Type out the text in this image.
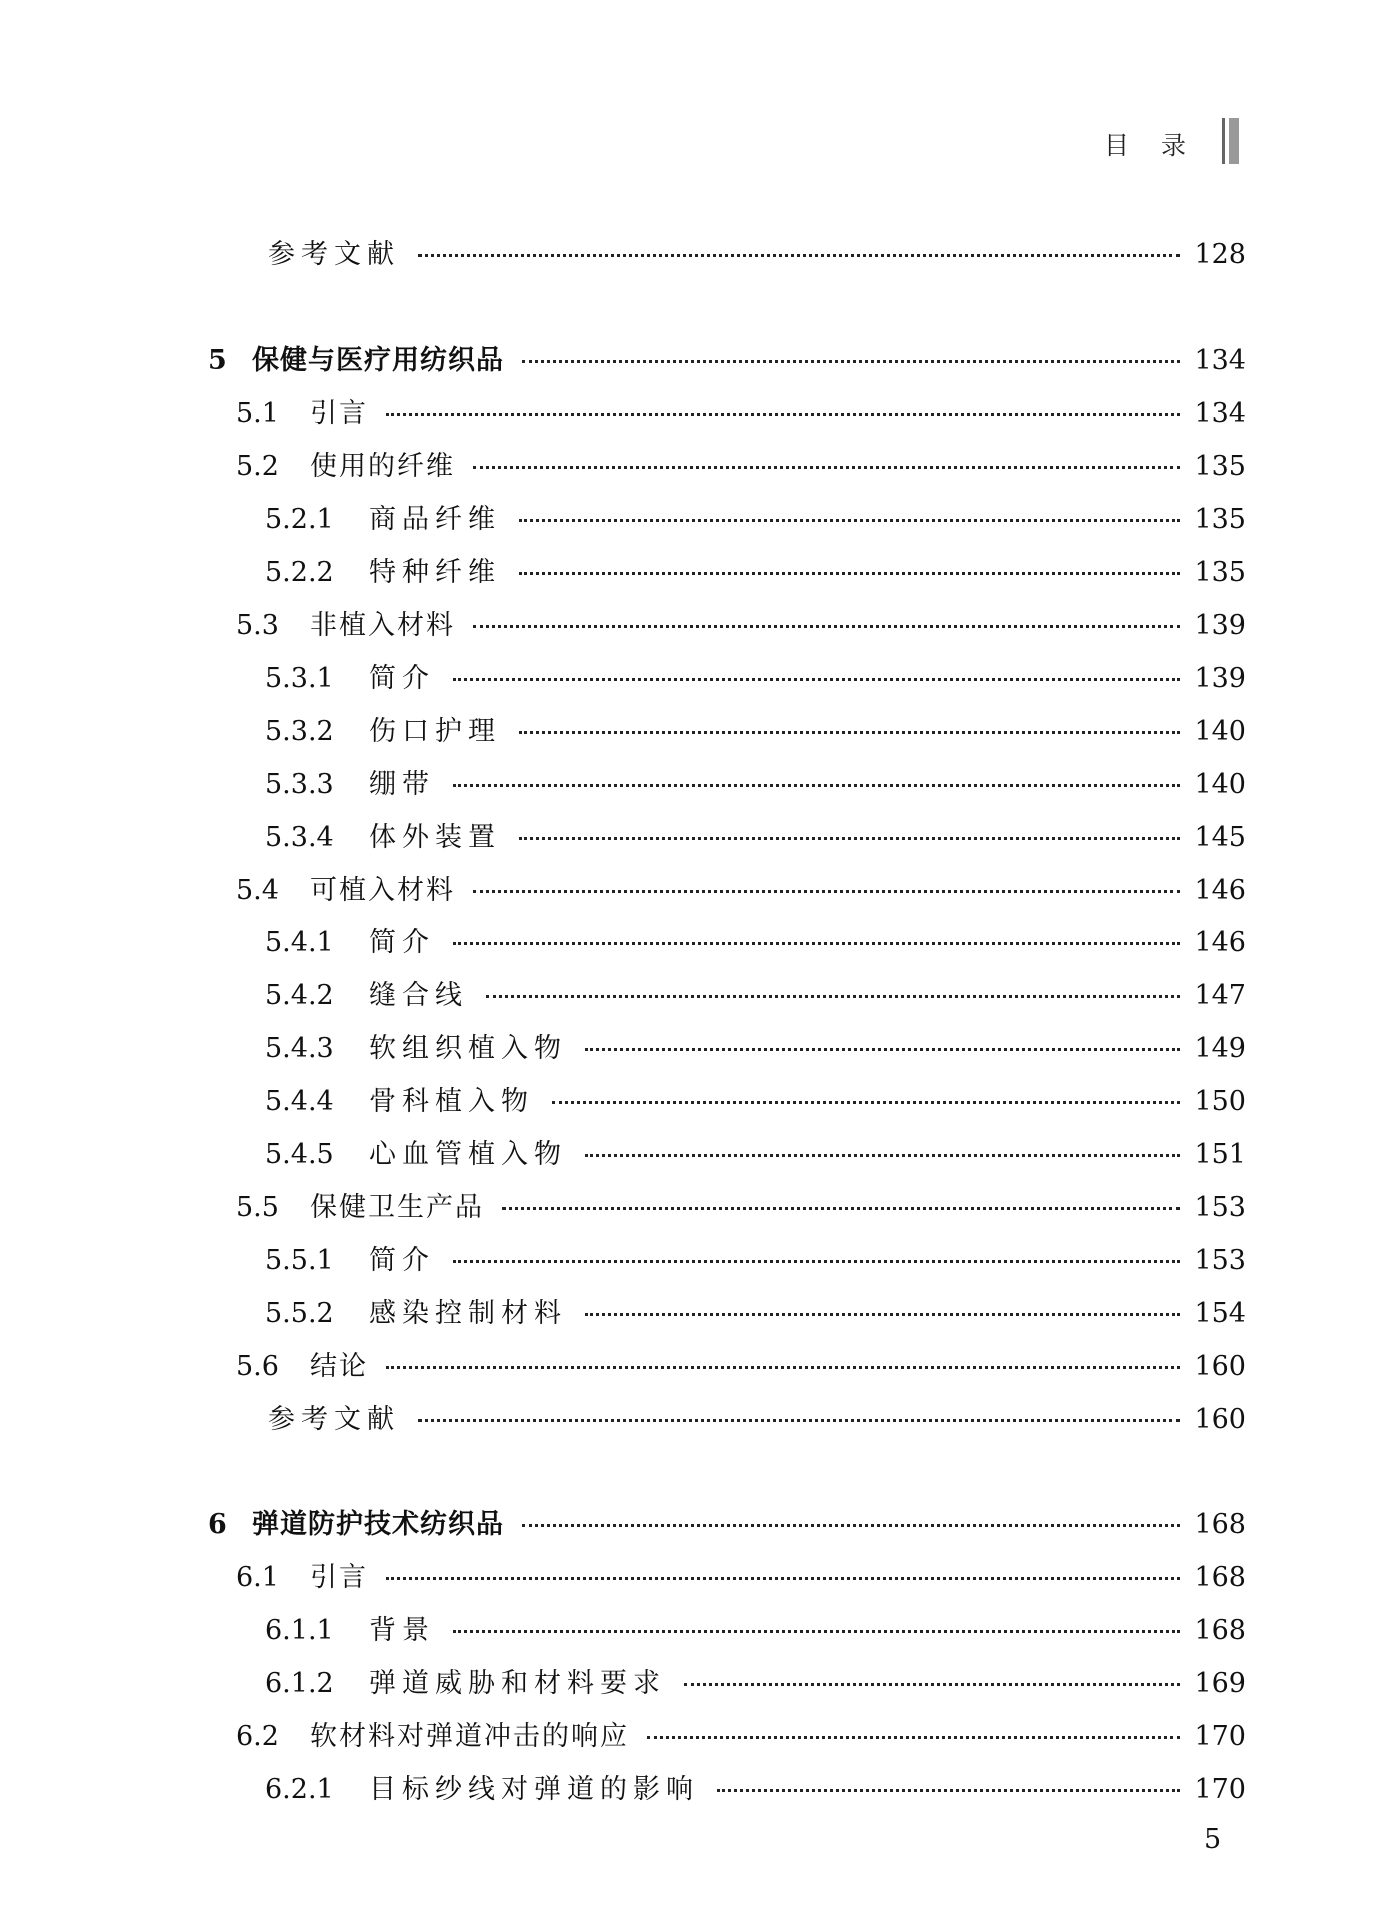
目 录
参考文献	128
5 保健与医疗用纺织品	134
5.1	引言	134
5.2	使用的纤维	135
5.2.1	商品纤维	135
5.2.2	特种纤维	135
5.3	非植入材料	139
5.3.1	简介	139
5.3.2	伤口护理	140
5.3.3	绷带	140
5.3.4	体外装置	145
5.4	可植入材料	146
5.4.1	简介	146
5.4.2	缝合线	147
5.4.3	软组织植入物	149
5.4.4	骨科植入物	150
5.4.5	心血管植入物	151
5.5	保健卫生产品	153
5.5.1	简介	153
5.5.2	感染控制材料	154
5.6	结论	160
参考文献	160
6 弹道防护技术纺织品	168
6.1	引言	168
6.1.1	背景	168
6.1.2	弹道威胁和材料要求	169
6.2	软材料对弹道冲击的响应	170
6.2.1	目标纱线对弹道的影响	170
5
